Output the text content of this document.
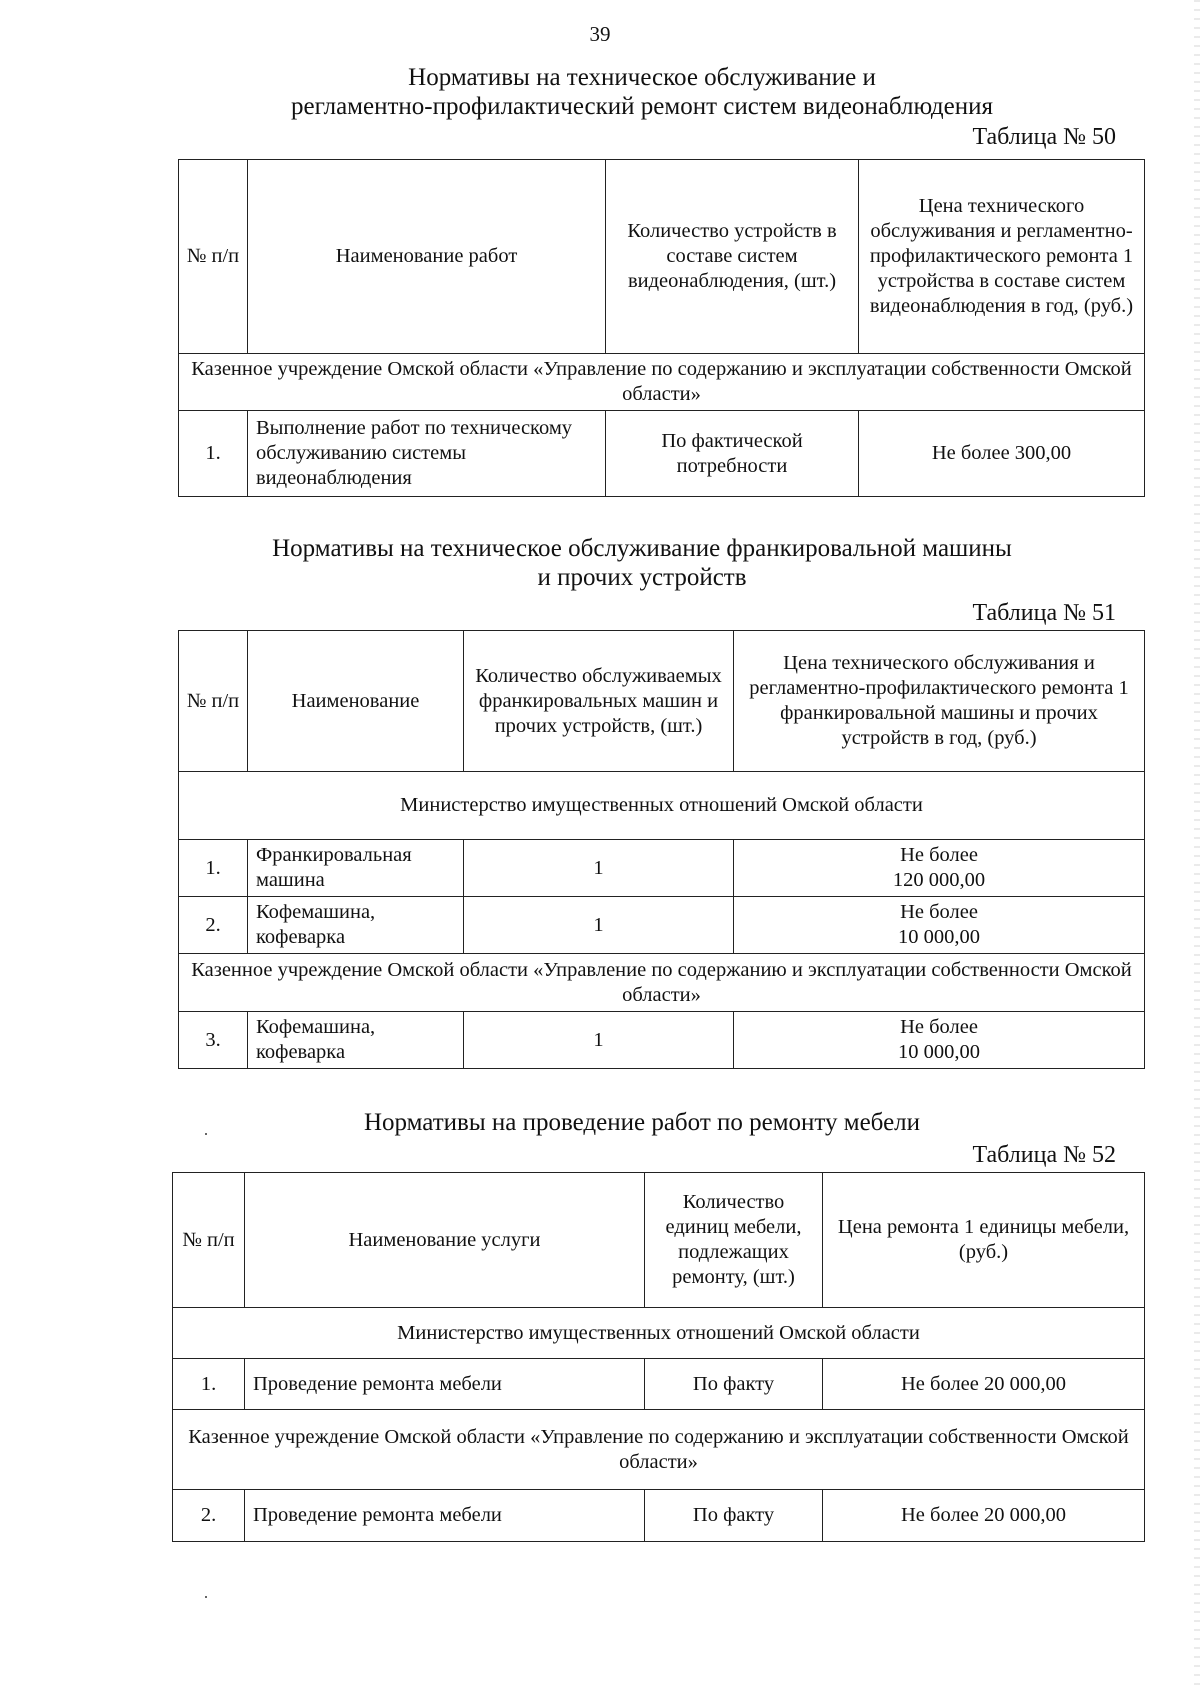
39
Нормативы на техническое обслуживание и
регламентно-профилактический ремонт систем видеонаблюдения
Таблица № 50
№ п/п	Наименование работ	Количество устройств в составе систем видеонаблюдения, (шт.)	Цена технического обслуживания и регламентно-профилактического ремонта 1 устройства в составе систем видеонаблюдения в год, (руб.)
Казенное учреждение Омской области «Управление по содержанию и эксплуатации собственности Омской области»			
1.	Выполнение работ по техническому обслуживанию системы видеонаблюдения	По фактической потребности	Не более 300,00
Нормативы на техническое обслуживание франкировальной машины
и прочих устройств
Таблица № 51
№ п/п	Наименование	Количество обслуживаемых франкировальных машин и прочих устройств, (шт.)	Цена технического обслуживания и регламентно-профилактического ремонта 1 франкировальной машины и прочих устройств в год, (руб.)
Министерство имущественных отношений Омской области			
1.	Франкировальная машина	1	Не более
120 000,00

2.	Кофемашина, кофеварка	1	Не более
10 000,00

Казенное учреждение Омской области «Управление по содержанию и эксплуатации собственности Омской области»			
3.	Кофемашина, кофеварка	1	Не более
10 000,00
Нормативы на проведение работ по ремонту мебели
Таблица № 52
№ п/п	Наименование услуги	Количество единиц мебели, подлежащих ремонту, (шт.)	Цена ремонта 1 единицы мебели, (руб.)
Министерство имущественных отношений Омской области			
1.	Проведение ремонта мебели	По факту	Не более 20 000,00
Казенное учреждение Омской области «Управление по содержанию и эксплуатации собственности Омской области»			
2.	Проведение ремонта мебели	По факту	Не более 20 000,00
